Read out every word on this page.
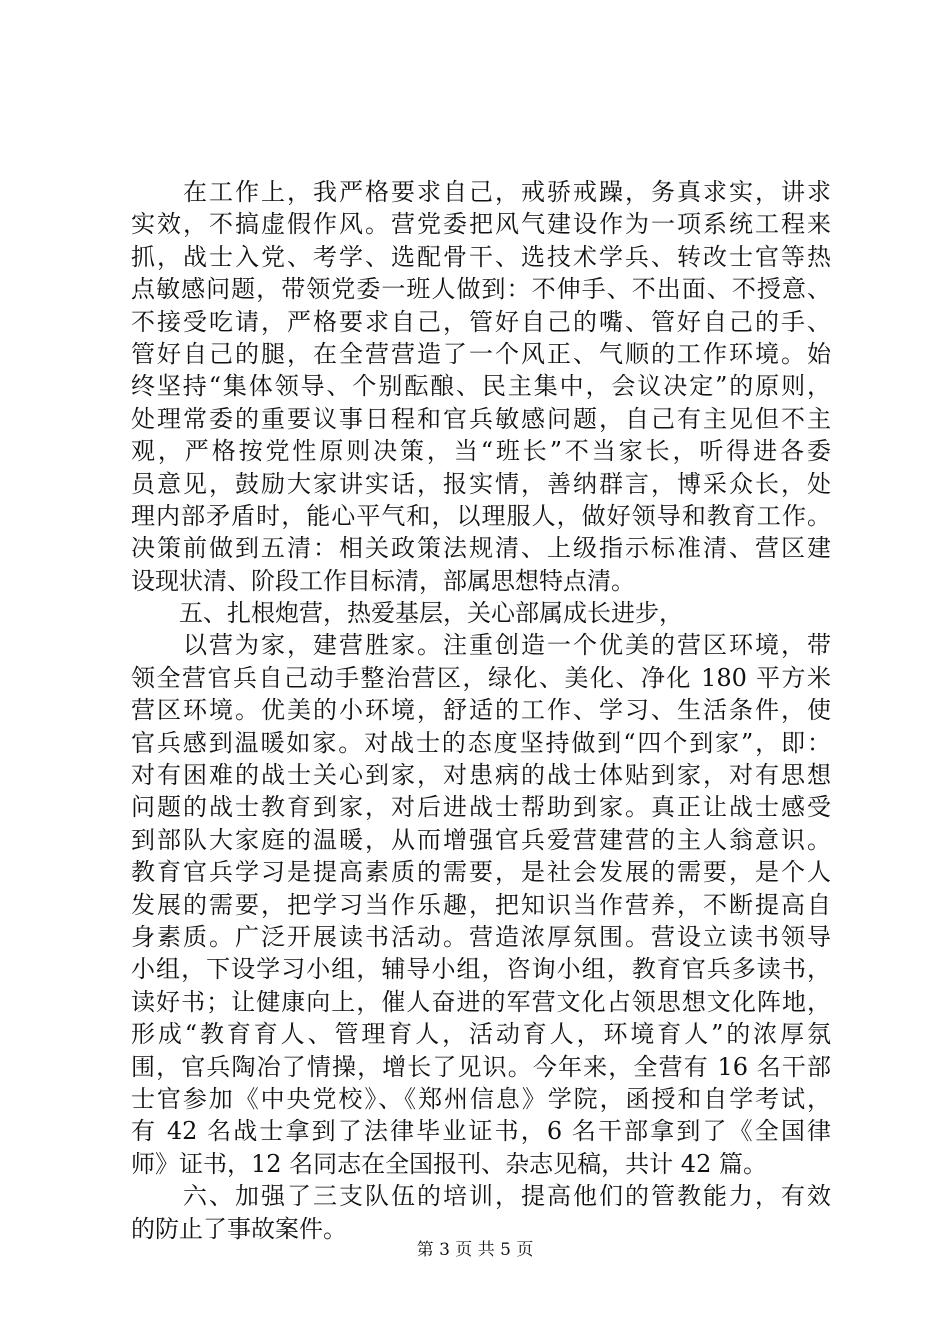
　　在工作上，我严格要求自己，戒骄戒躁，务真求实，讲求
实效，不搞虚假作风。营党委把风气建设作为一项系统工程来
抓，战士入党、考学、选配骨干、选技术学兵、转改士官等热
点敏感问题，带领党委一班人做到：不伸手、不出面、不授意、
不接受吃请，严格要求自己，管好自己的嘴、管好自己的手、
管好自己的腿，在全营营造了一个风正、气顺的工作环境。始
终坚持“集体领导、个别酝酿、民主集中，会议决定”的原则，
处理常委的重要议事日程和官兵敏感问题，自己有主见但不主
观，严格按党性原则决策，当“班长”不当家长，听得进各委
员意见，鼓励大家讲实话，报实情，善纳群言，博采众长，处
理内部矛盾时，能心平气和，以理服人，做好领导和教育工作。
决策前做到五清：相关政策法规清、上级指示标准清、营区建
设现状清、阶段工作目标清，部属思想特点清。
　　五、扎根炮营，热爱基层，关心部属成长进步，
　　以营为家，建营胜家。注重创造一个优美的营区环境，带
领全营官兵自己动手整治营区，绿化、美化、净化 180 平方米
营区环境。优美的小环境，舒适的工作、学习、生活条件，使
官兵感到温暖如家。对战士的态度坚持做到“四个到家”，即：
对有困难的战士关心到家，对患病的战士体贴到家，对有思想
问题的战士教育到家，对后进战士帮助到家。真正让战士感受
到部队大家庭的温暖，从而增强官兵爱营建营的主人翁意识。
教育官兵学习是提高素质的需要，是社会发展的需要，是个人
发展的需要，把学习当作乐趣，把知识当作营养，不断提高自
身素质。广泛开展读书活动。营造浓厚氛围。营设立读书领导
小组，下设学习小组，辅导小组，咨询小组，教育官兵多读书，
读好书；让健康向上，催人奋进的军营文化占领思想文化阵地，
形成“教育育人、管理育人，活动育人，环境育人”的浓厚氛
围，官兵陶冶了情操，增长了见识。今年来，全营有 16 名干部
士官参加《中央党校》、《郑州信息》学院，函授和自学考试，
有 42 名战士拿到了法律毕业证书，6 名干部拿到了《全国律
师》证书，12 名同志在全国报刊、杂志见稿，共计 42 篇。
　　六、加强了三支队伍的培训，提高他们的管教能力，有效
的防止了事故案件。
第 3 页 共 5 页
